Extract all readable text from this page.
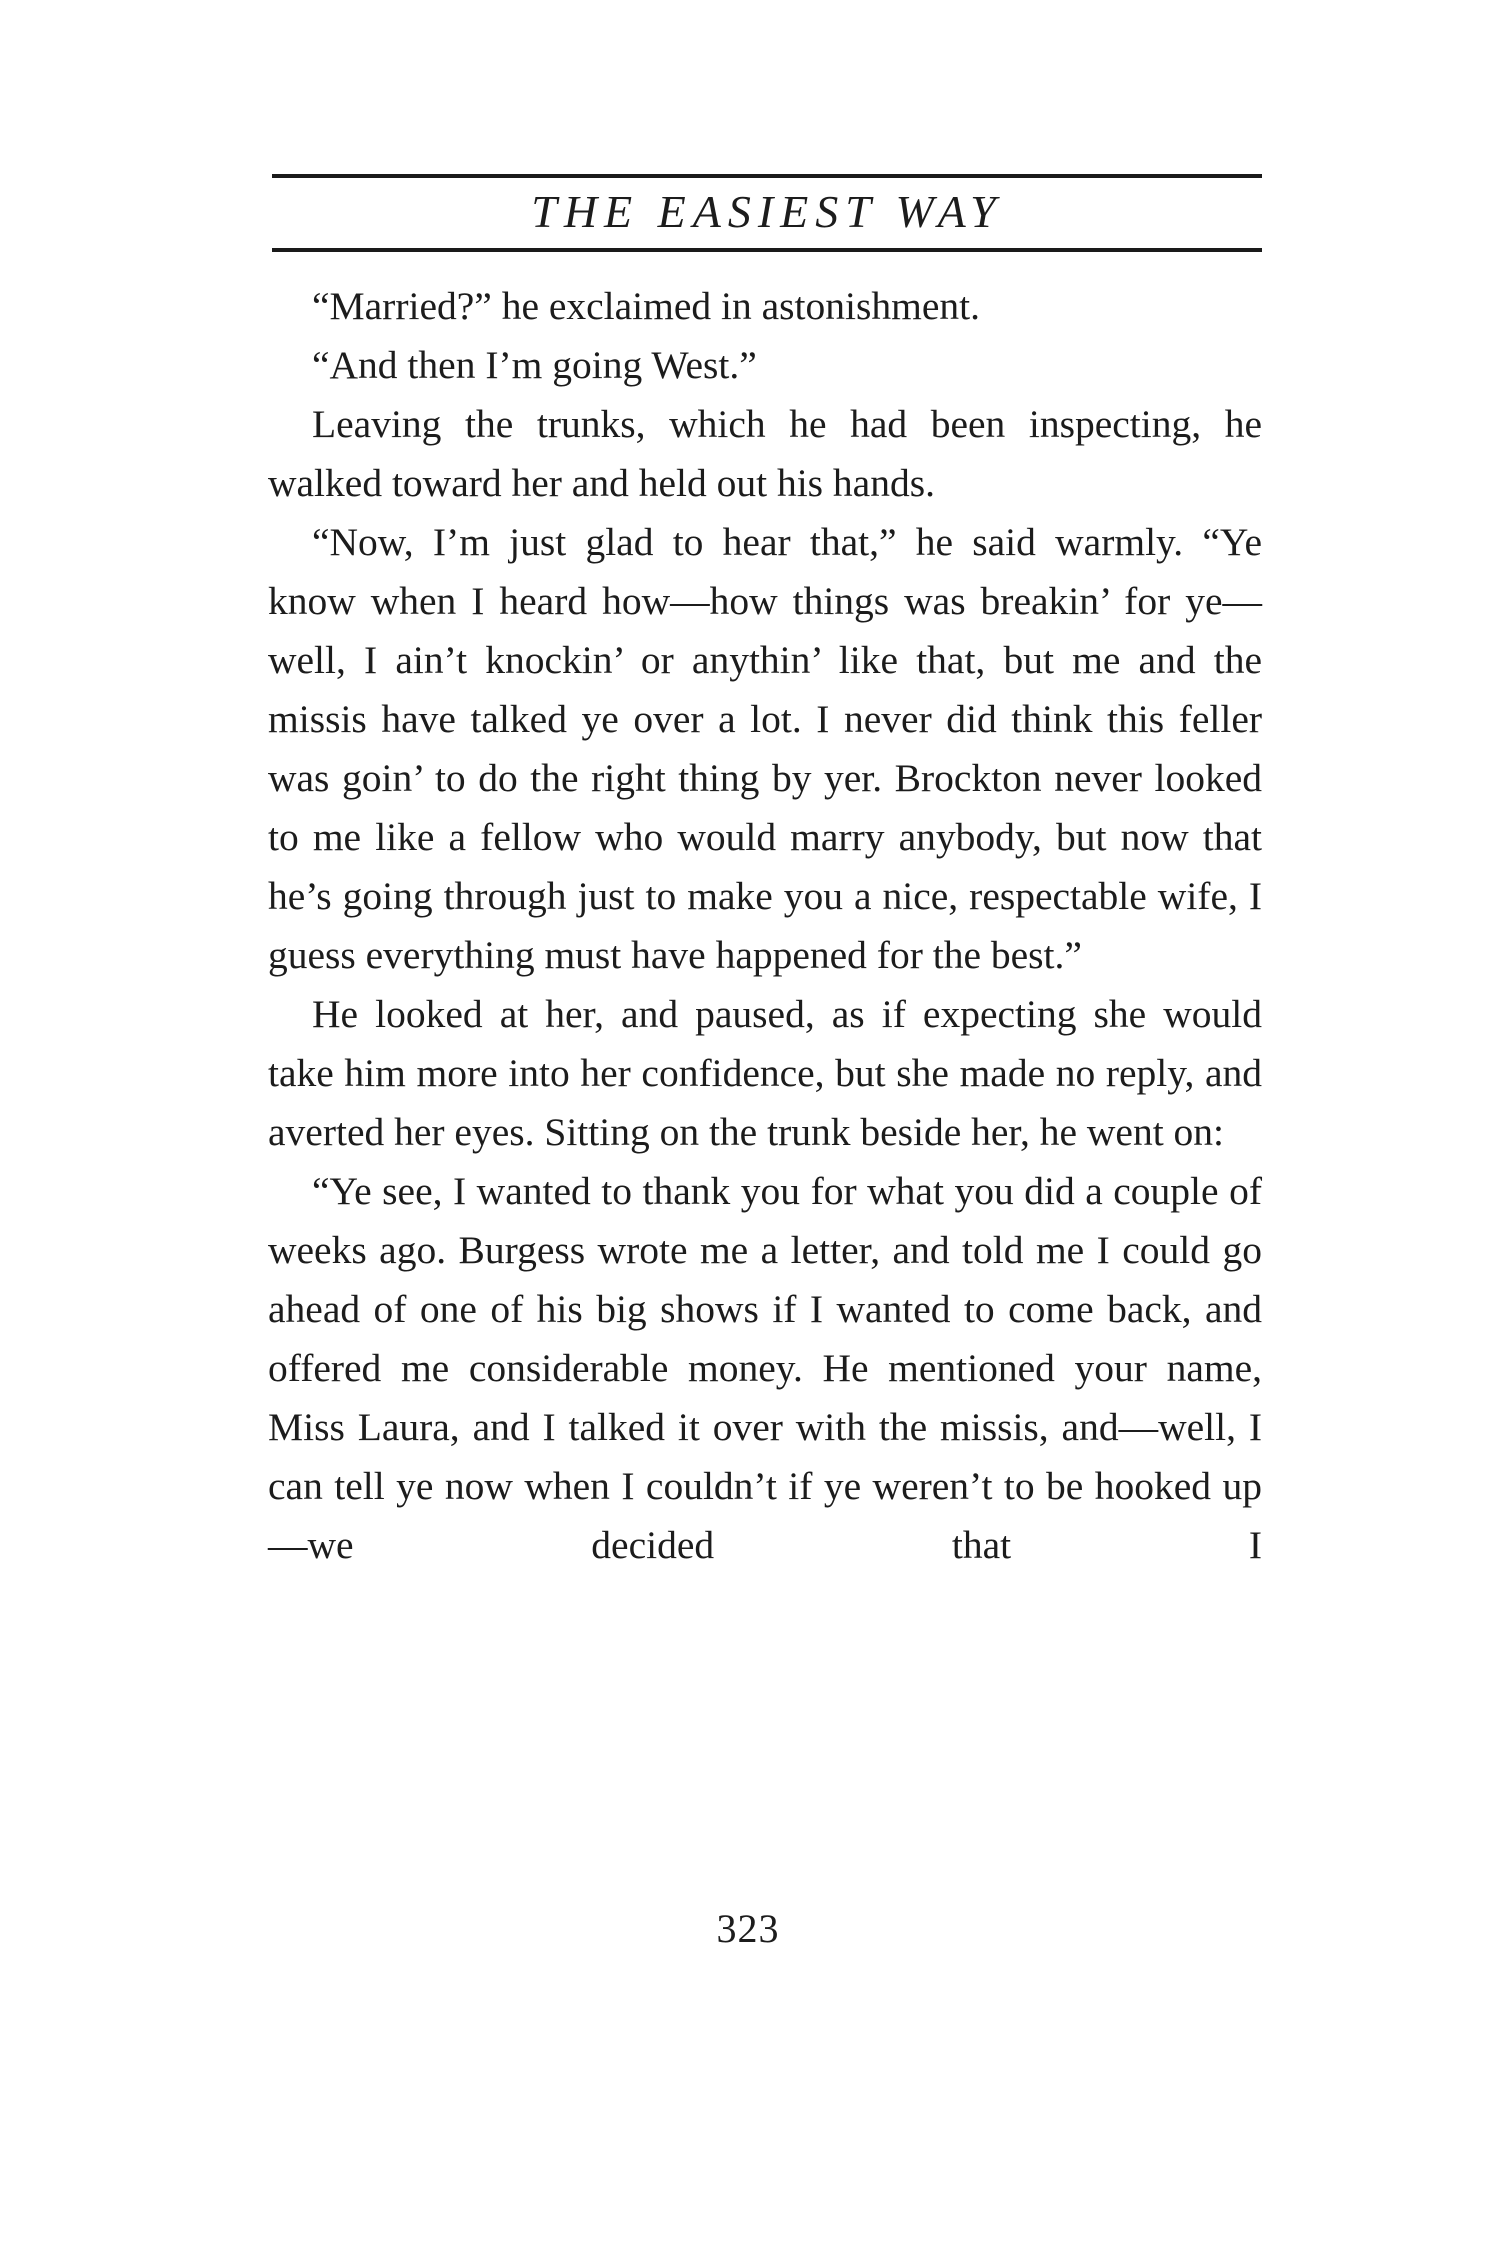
THE EASIEST WAY

“Married?” he exclaimed in astonishment.

“And then I’m going West.”

Leaving the trunks, which he had been inspecting, he walked toward her and held out his hands.

“Now, I’m just glad to hear that,” he said warmly. “Ye know when I heard how—how things was breakin’ for ye—well, I ain’t knockin’ or anythin’ like that, but me and the missis have talked ye over a lot. I never did think this feller was goin’ to do the right thing by yer. Brockton never looked to me like a fellow who would marry anybody, but now that he’s going through just to make you a nice, respectable wife, I guess everything must have happened for the best.”

He looked at her, and paused, as if expecting she would take him more into her confidence, but she made no reply, and averted her eyes. Sitting on the trunk beside her, he went on:

“Ye see, I wanted to thank you for what you did a couple of weeks ago. Burgess wrote me a letter, and told me I could go ahead of one of his big shows if I wanted to come back, and offered me considerable money. He mentioned your name, Miss Laura, and I talked it over with the missis, and—well, I can tell ye now when I couldn’t if ye weren’t to be hooked up—we decided that I

323
